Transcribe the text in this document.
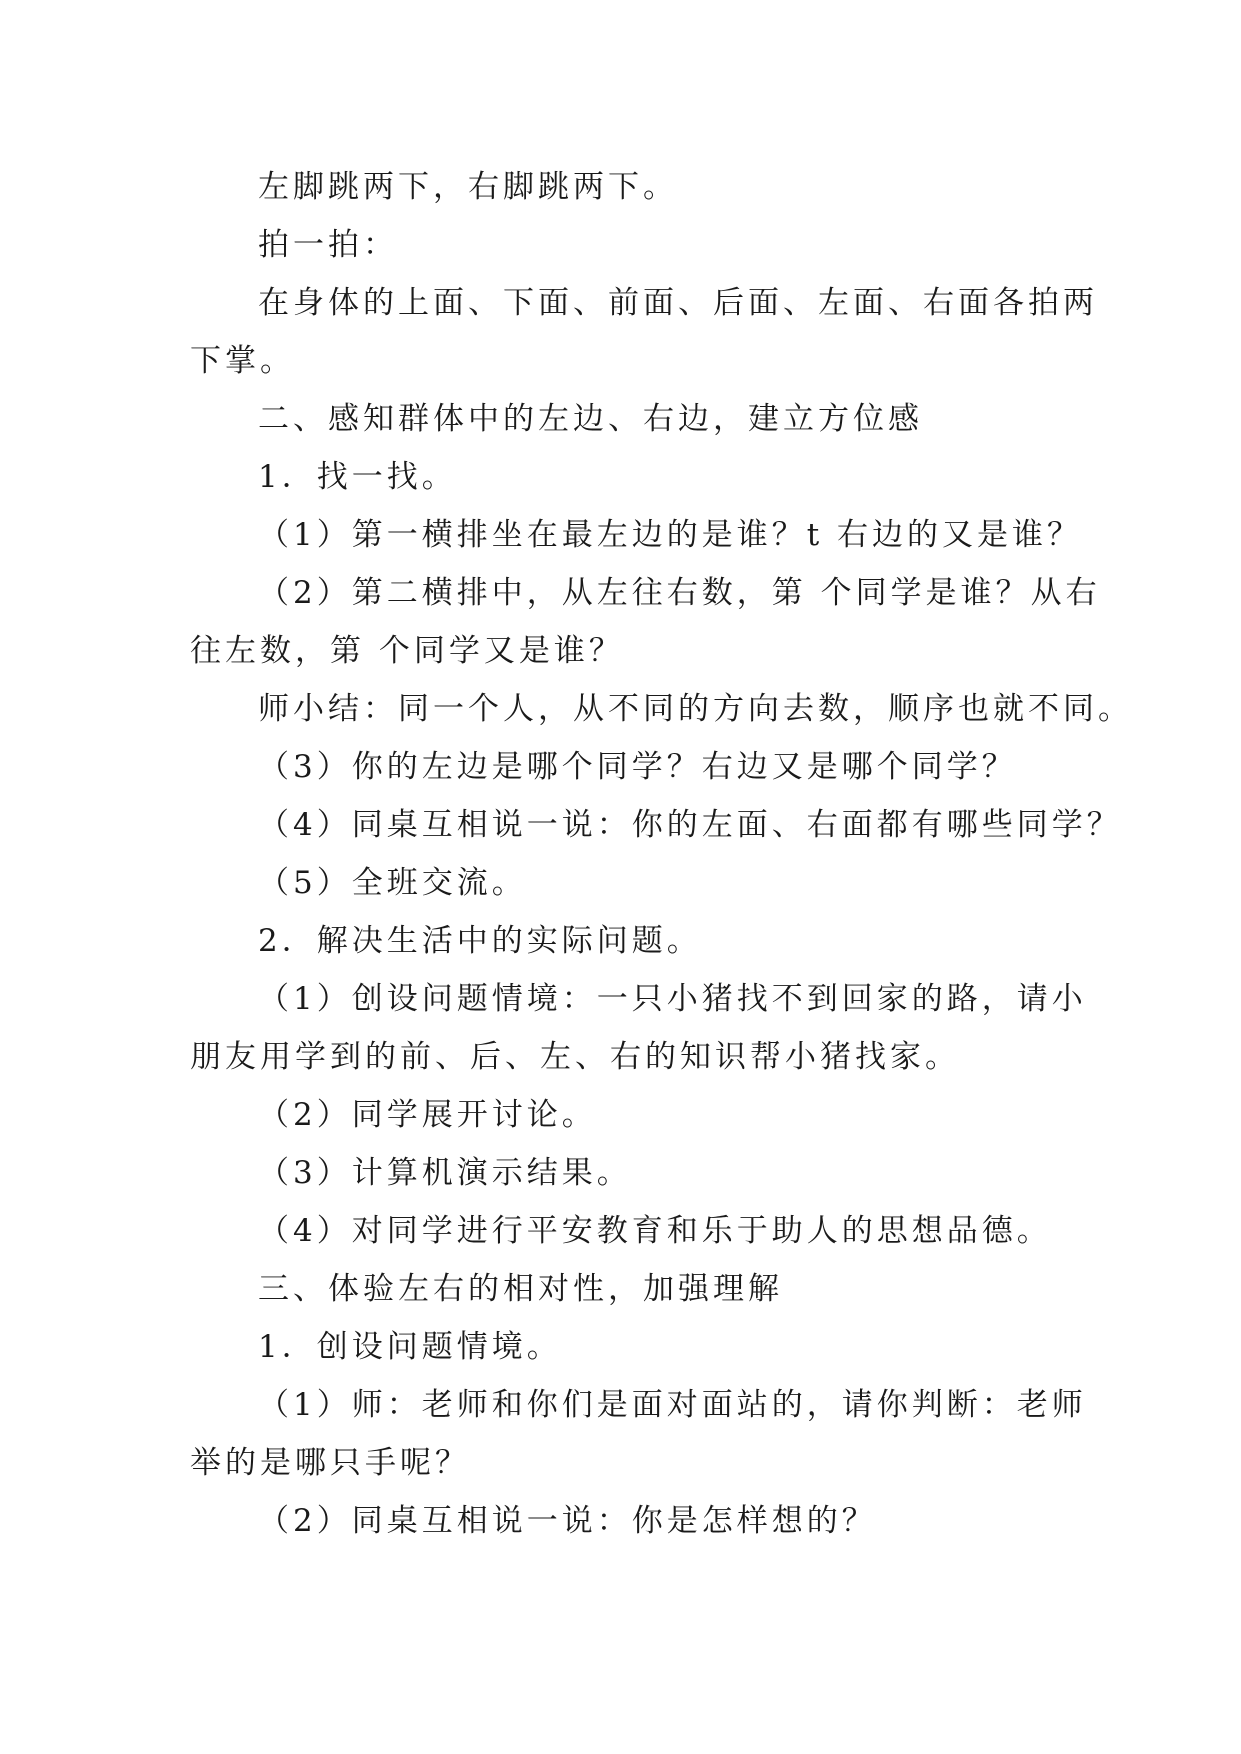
左脚跳两下，右脚跳两下。
拍一拍：
在身体的上面、下面、前面、后面、左面、右面各拍两
下掌。
二、感知群体中的左边、右边，建立方位感
1．找一找。
（1）第一横排坐在最左边的是谁？t 右边的又是谁？
（2）第二横排中，从左往右数，第 个同学是谁？从右
往左数，第 个同学又是谁？
师小结：同一个人，从不同的方向去数，顺序也就不同。
（3）你的左边是哪个同学？右边又是哪个同学？
（4）同桌互相说一说：你的左面、右面都有哪些同学？
（5）全班交流。
2．解决生活中的实际问题。
（1）创设问题情境：一只小猪找不到回家的路，请小
朋友用学到的前、后、左、右的知识帮小猪找家。
（2）同学展开讨论。
（3）计算机演示结果。
（4）对同学进行平安教育和乐于助人的思想品德。
三、体验左右的相对性，加强理解
1．创设问题情境。
（1）师：老师和你们是面对面站的，请你判断：老师
举的是哪只手呢？
（2）同桌互相说一说：你是怎样想的？
